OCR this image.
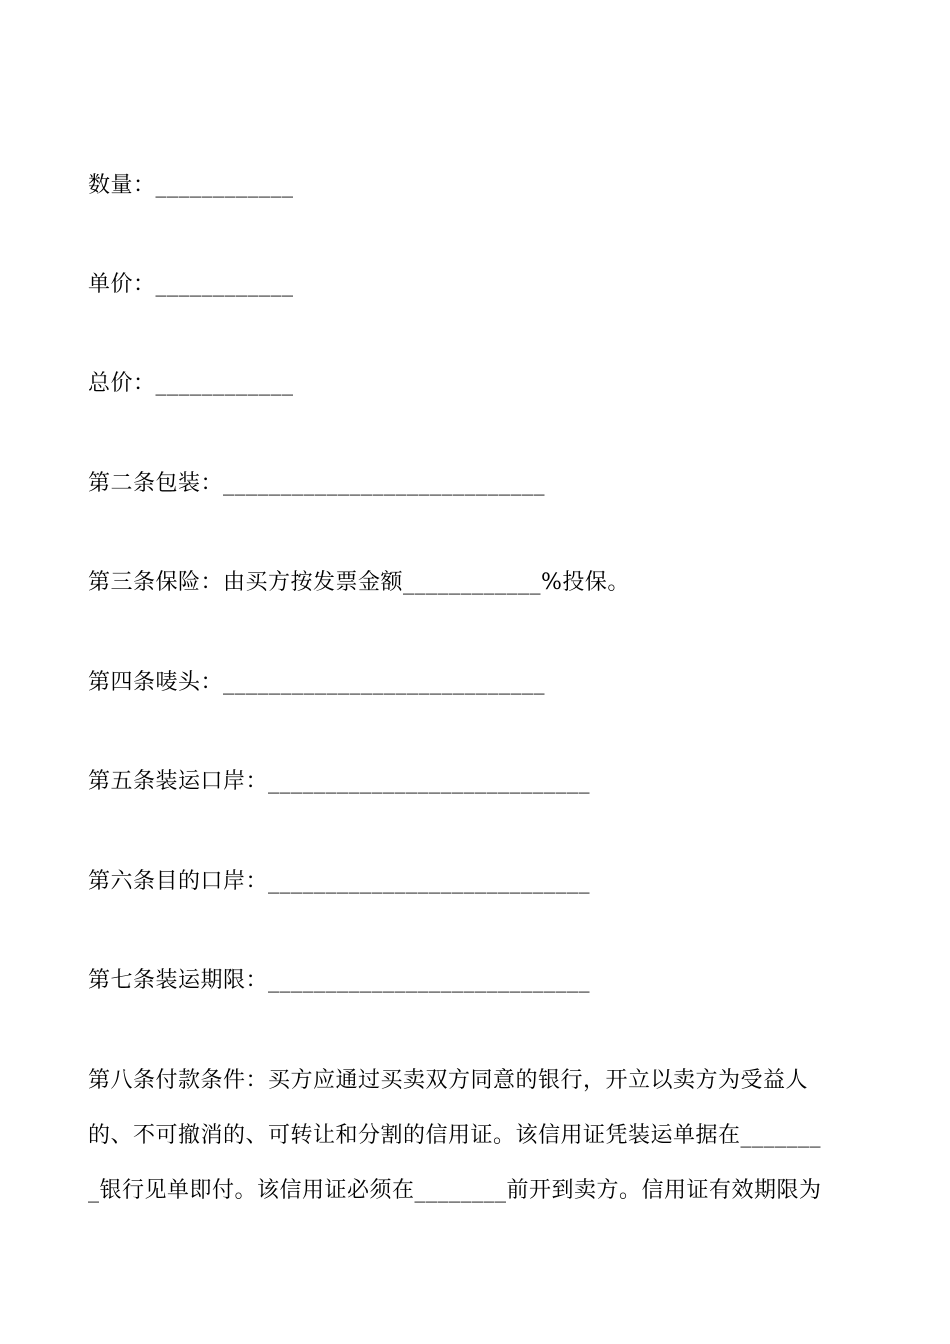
数量：____________
单价：____________
总价：____________
第二条包装：____________________________
第三条保险：由买方按发票金额____________%投保。
第四条唛头：____________________________
第五条装运口岸：____________________________
第六条目的口岸：____________________________
第七条装运期限：____________________________
第八条付款条件：买方应通过买卖双方同意的银行，开立以卖方为受益人
的、不可撤消的、可转让和分割的信用证。该信用证凭装运单据在_______
_银行见单即付。该信用证必须在________前开到卖方。信用证有效期限为
